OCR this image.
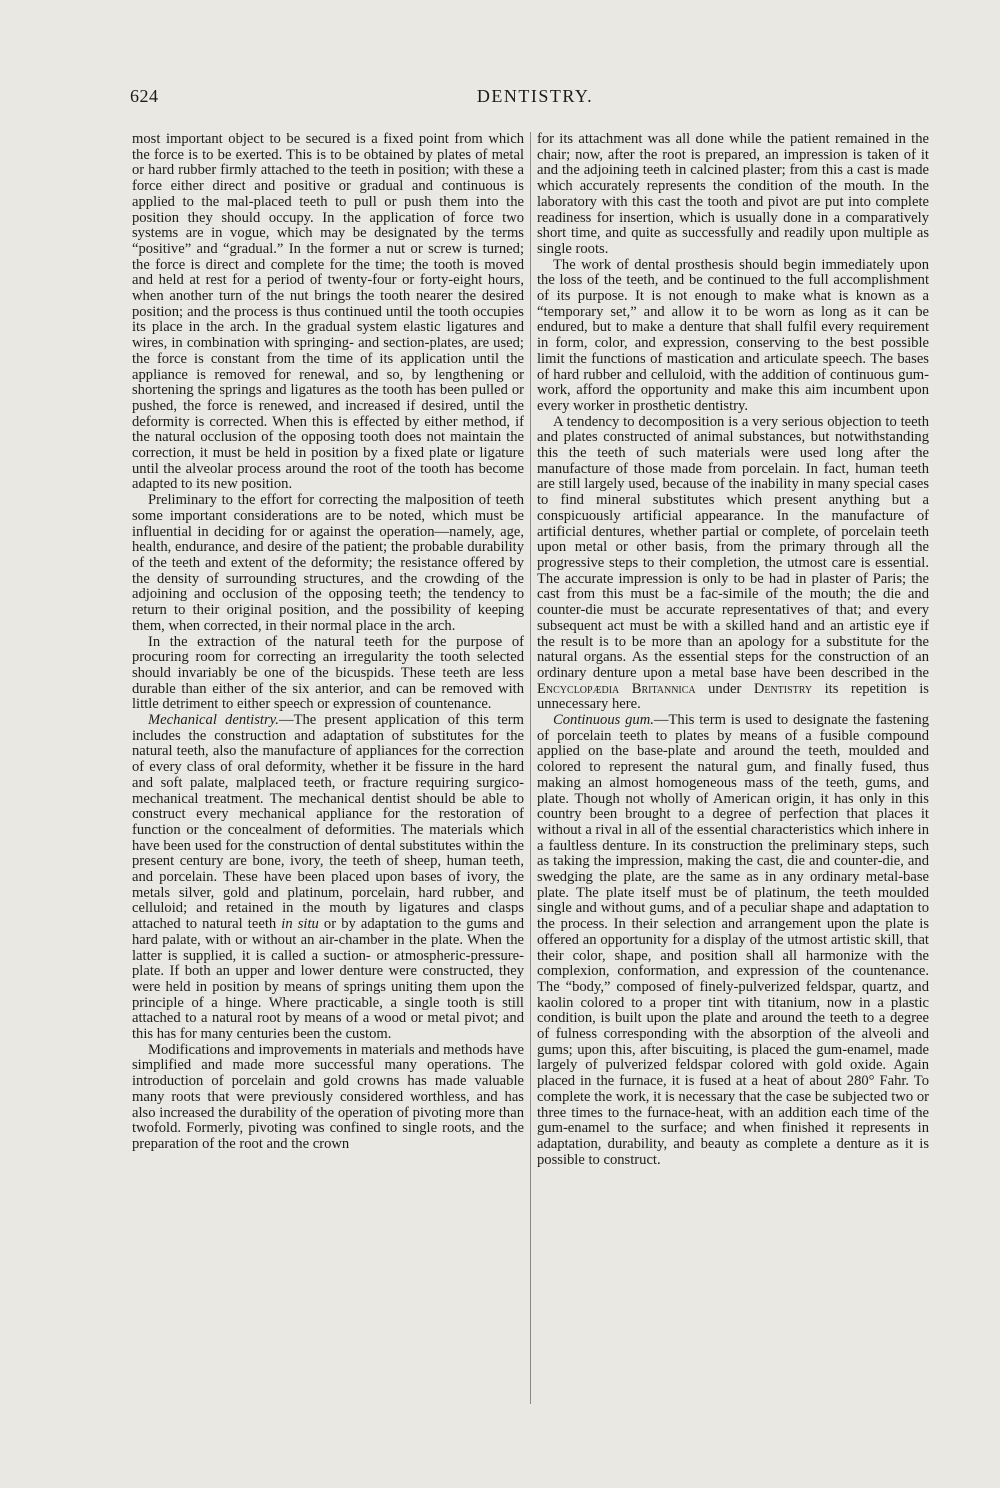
624	DENTISTRY.

most important object to be secured is a fixed point from which the force is to be exerted. This is to be obtained by plates of metal or hard rubber firmly attached to the teeth in position; with these a force either direct and positive or gradual and continuous is applied to the mal-placed teeth to pull or push them into the position they should occupy. In the application of force two systems are in vogue, which may be designated by the terms “positive” and “gradual.” In the former a nut or screw is turned; the force is direct and complete for the time; the tooth is moved and held at rest for a period of twenty-four or forty-eight hours, when another turn of the nut brings the tooth nearer the desired position; and the process is thus continued until the tooth occupies its place in the arch. In the gradual system elastic ligatures and wires, in combination with springing- and section-plates, are used; the force is constant from the time of its application until the appliance is removed for renewal, and so, by lengthening or shortening the springs and ligatures as the tooth has been pulled or pushed, the force is renewed, and increased if desired, until the deformity is corrected. When this is effected by either method, if the natural occlusion of the opposing tooth does not maintain the correction, it must be held in position by a fixed plate or ligature until the alveolar process around the root of the tooth has become adapted to its new position.

Preliminary to the effort for correcting the malposition of teeth some important considerations are to be noted, which must be influential in deciding for or against the operation—namely, age, health, endurance, and desire of the patient; the probable durability of the teeth and extent of the deformity; the resistance offered by the density of surrounding structures, and the crowding of the adjoining and occlusion of the opposing teeth; the tendency to return to their original position, and the possibility of keeping them, when corrected, in their normal place in the arch.

In the extraction of the natural teeth for the purpose of procuring room for correcting an irregularity the tooth selected should invariably be one of the bicuspids. These teeth are less durable than either of the six anterior, and can be removed with little detriment to either speech or expression of countenance.

Mechanical dentistry.—The present application of this term includes the construction and adaptation of substitutes for the natural teeth, also the manufacture of appliances for the correction of every class of oral deformity, whether it be fissure in the hard and soft palate, malplaced teeth, or fracture requiring surgico-mechanical treatment. The mechanical dentist should be able to construct every mechanical appliance for the restoration of function or the concealment of deformities. The materials which have been used for the construction of dental substitutes within the present century are bone, ivory, the teeth of sheep, human teeth, and porcelain. These have been placed upon bases of ivory, the metals silver, gold and platinum, porcelain, hard rubber, and celluloid; and retained in the mouth by ligatures and clasps attached to natural teeth in situ or by adaptation to the gums and hard palate, with or without an air-chamber in the plate. When the latter is supplied, it is called a suction- or atmospheric-pressure-plate. If both an upper and lower denture were constructed, they were held in position by means of springs uniting them upon the principle of a hinge. Where practicable, a single tooth is still attached to a natural root by means of a wood or metal pivot; and this has for many centuries been the custom.

Modifications and improvements in materials and methods have simplified and made more successful many operations. The introduction of porcelain and gold crowns has made valuable many roots that were previously considered worthless, and has also increased the durability of the operation of pivoting more than twofold. Formerly, pivoting was confined to single roots, and the preparation of the root and the crown

for its attachment was all done while the patient remained in the chair; now, after the root is prepared, an impression is taken of it and the adjoining teeth in calcined plaster; from this a cast is made which accurately represents the condition of the mouth. In the laboratory with this cast the tooth and pivot are put into complete readiness for insertion, which is usually done in a comparatively short time, and quite as successfully and readily upon multiple as single roots.

The work of dental prosthesis should begin immediately upon the loss of the teeth, and be continued to the full accomplishment of its purpose. It is not enough to make what is known as a “temporary set,” and allow it to be worn as long as it can be endured, but to make a denture that shall fulfil every requirement in form, color, and expression, conserving to the best possible limit the functions of mastication and articulate speech. The bases of hard rubber and celluloid, with the addition of continuous gum-work, afford the opportunity and make this aim incumbent upon every worker in prosthetic dentistry.

A tendency to decomposition is a very serious objection to teeth and plates constructed of animal substances, but notwithstanding this the teeth of such materials were used long after the manufacture of those made from porcelain. In fact, human teeth are still largely used, because of the inability in many special cases to find mineral substitutes which present anything but a conspicuously artificial appearance. In the manufacture of artificial dentures, whether partial or complete, of porcelain teeth upon metal or other basis, from the primary through all the progressive steps to their completion, the utmost care is essential. The accurate impression is only to be had in plaster of Paris; the cast from this must be a fac-simile of the mouth; the die and counter-die must be accurate representatives of that; and every subsequent act must be with a skilled hand and an artistic eye if the result is to be more than an apology for a substitute for the natural organs. As the essential steps for the construction of an ordinary denture upon a metal base have been described in the Encyclopædia Britannica under Dentistry its repetition is unnecessary here.

Continuous gum.—This term is used to designate the fastening of porcelain teeth to plates by means of a fusible compound applied on the base-plate and around the teeth, moulded and colored to represent the natural gum, and finally fused, thus making an almost homogeneous mass of the teeth, gums, and plate. Though not wholly of American origin, it has only in this country been brought to a degree of perfection that places it without a rival in all of the essential characteristics which inhere in a faultless denture. In its construction the preliminary steps, such as taking the impression, making the cast, die and counter-die, and swedging the plate, are the same as in any ordinary metal-base plate. The plate itself must be of platinum, the teeth moulded single and without gums, and of a peculiar shape and adaptation to the process. In their selection and arrangement upon the plate is offered an opportunity for a display of the utmost artistic skill, that their color, shape, and position shall all harmonize with the complexion, conformation, and expression of the countenance. The “body,” composed of finely-pulverized feldspar, quartz, and kaolin colored to a proper tint with titanium, now in a plastic condition, is built upon the plate and around the teeth to a degree of fulness corresponding with the absorption of the alveoli and gums; upon this, after biscuiting, is placed the gum-enamel, made largely of pulverized feldspar colored with gold oxide. Again placed in the furnace, it is fused at a heat of about 280° Fahr. To complete the work, it is necessary that the case be subjected two or three times to the furnace-heat, with an addition each time of the gum-enamel to the surface; and when finished it represents in adaptation, durability, and beauty as complete a denture as it is possible to construct.
